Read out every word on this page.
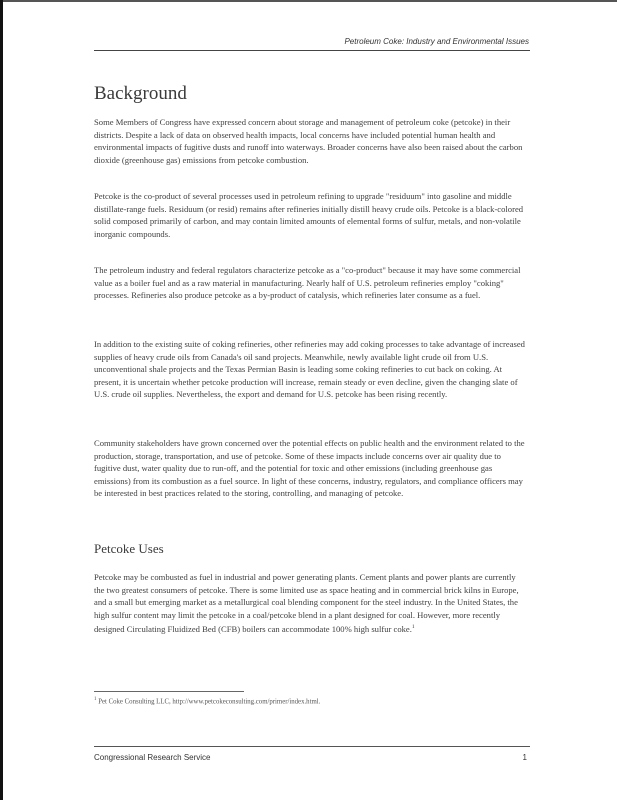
Petroleum Coke: Industry and Environmental Issues
Background

Some Members of Congress have expressed concern about storage and management of petroleum coke (petcoke) in their districts. Despite a lack of data on observed health impacts, local concerns have included potential human health and environmental impacts of fugitive dusts and runoff into waterways. Broader concerns have also been raised about the carbon dioxide (greenhouse gas) emissions from petcoke combustion.

Petcoke is the co-product of several processes used in petroleum refining to upgrade "residuum" into gasoline and middle distillate-range fuels. Residuum (or resid) remains after refineries initially distill heavy crude oils. Petcoke is a black-colored solid composed primarily of carbon, and may contain limited amounts of elemental forms of sulfur, metals, and non-volatile inorganic compounds.

The petroleum industry and federal regulators characterize petcoke as a "co-product" because it may have some commercial value as a boiler fuel and as a raw material in manufacturing. Nearly half of U.S. petroleum refineries employ "coking" processes. Refineries also produce petcoke as a by-product of catalysis, which refineries later consume as a fuel.

In addition to the existing suite of coking refineries, other refineries may add coking processes to take advantage of increased supplies of heavy crude oils from Canada's oil sand projects. Meanwhile, newly available light crude oil from U.S. unconventional shale projects and the Texas Permian Basin is leading some coking refineries to cut back on coking. At present, it is uncertain whether petcoke production will increase, remain steady or even decline, given the changing slate of U.S. crude oil supplies. Nevertheless, the export and demand for U.S. petcoke has been rising recently.

Community stakeholders have grown concerned over the potential effects on public health and the environment related to the production, storage, transportation, and use of petcoke. Some of these impacts include concerns over air quality due to fugitive dust, water quality due to run-off, and the potential for toxic and other emissions (including greenhouse gas emissions) from its combustion as a fuel source. In light of these concerns, industry, regulators, and compliance officers may be interested in best practices related to the storing, controlling, and managing of petcoke.

Petcoke Uses

Petcoke may be combusted as fuel in industrial and power generating plants. Cement plants and power plants are currently the two greatest consumers of petcoke. There is some limited use as space heating and in commercial brick kilns in Europe, and a small but emerging market as a metallurgical coal blending component for the steel industry. In the United States, the high sulfur content may limit the petcoke in a coal/petcoke blend in a plant designed for coal. However, more recently designed Circulating Fluidized Bed (CFB) boilers can accommodate 100% high sulfur coke.$^1$

$^1$ Pet Coke Consulting LLC, http://www.petcokeconsulting.com/primer/index.html.
Congressional Research Service	1
